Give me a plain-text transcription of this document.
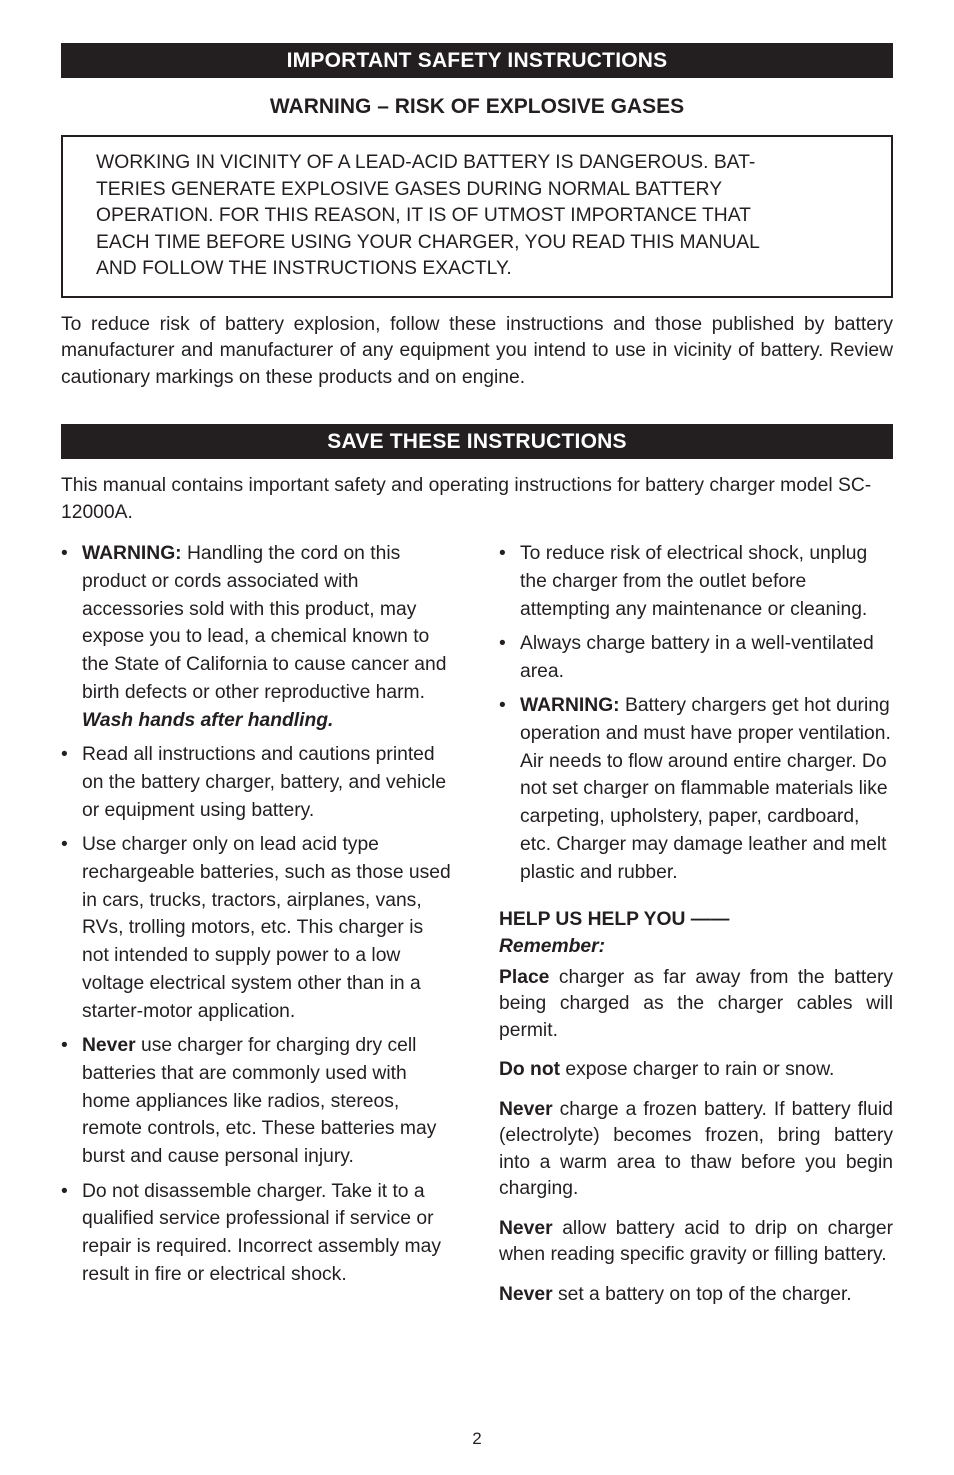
IMPORTANT SAFETY INSTRUCTIONS
WARNING – RISK OF EXPLOSIVE GASES
WORKING IN VICINITY OF A LEAD-ACID BATTERY IS DANGEROUS. BAT-
TERIES GENERATE EXPLOSIVE GASES DURING NORMAL BATTERY
OPERATION. FOR THIS REASON, IT IS OF UTMOST IMPORTANCE THAT
EACH TIME BEFORE USING YOUR CHARGER, YOU READ THIS MANUAL
AND FOLLOW THE INSTRUCTIONS EXACTLY.
To reduce risk of battery explosion, follow these instructions and those published by battery manufacturer and manufacturer of any equipment you intend to use in vicinity of battery. Review cautionary markings on these products and on engine.
SAVE THESE INSTRUCTIONS
This manual contains important safety and operating instructions for battery charger model SC-12000A.
• WARNING: Handling the cord on this product or cords associated with accessories sold with this product, may expose you to lead, a chemical known to the State of California to cause cancer and birth defects or other reproductive harm. Wash hands after handling.
• Read all instructions and cautions printed on the battery charger, battery, and vehicle or equipment using battery.
• Use charger only on lead acid type rechargeable batteries, such as those used in cars, trucks, tractors, airplanes, vans, RVs, trolling motors, etc. This charger is not intended to supply power to a low voltage electrical system other than in a starter-motor application.
• Never use charger for charging dry cell batteries that are commonly used with home appliances like radios, stereos, remote controls, etc. These batteries may burst and cause personal injury.
• Do not disassemble charger. Take it to a qualified service professional if service or repair is required. Incorrect assembly may result in fire or electrical shock.
• To reduce risk of electrical shock, unplug the charger from the outlet before attempting any maintenance or cleaning.
• Always charge battery in a well-ventilated area.
• WARNING: Battery chargers get hot during operation and must have proper ventilation. Air needs to flow around entire charger. Do not set charger on flammable materials like carpeting, upholstery, paper, cardboard, etc. Charger may damage leather and melt plastic and rubber.
HELP US HELP YOU ——
Remember:
Place charger as far away from the battery being charged as the charger cables will permit.
Do not expose charger to rain or snow.
Never charge a frozen battery. If battery fluid (electrolyte) becomes frozen, bring battery into a warm area to thaw before you begin charging.
Never allow battery acid to drip on charger when reading specific gravity or filling battery.
Never set a battery on top of the charger.
2
